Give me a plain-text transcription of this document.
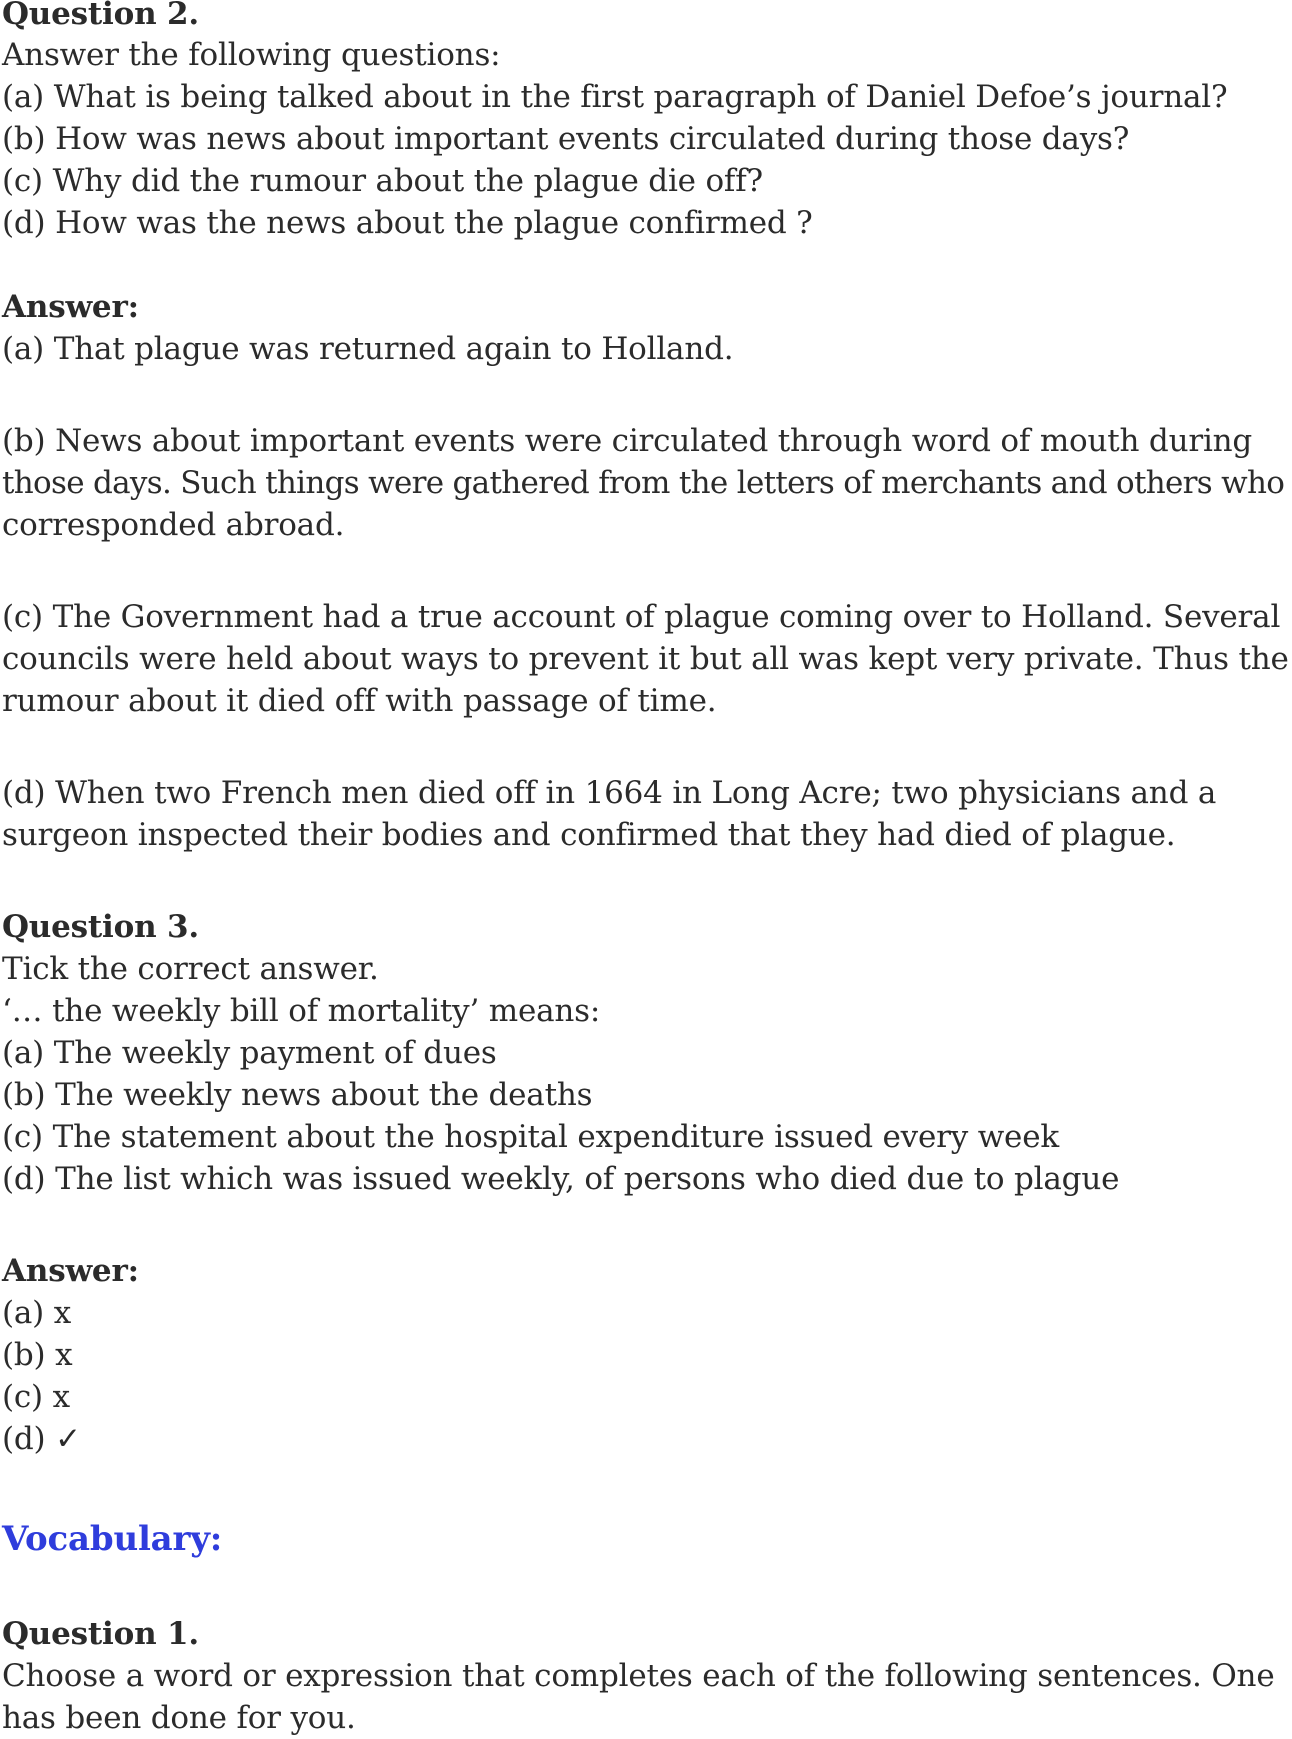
Question 2.

Answer the following questions:

(a) What is being talked about in the first paragraph of Daniel Defoe’s journal?

(b) How was news about important events circulated during those days?

(c) Why did the rumour about the plague die off?

(d) How was the news about the plague confirmed ?

Answer:

(a) That plague was returned again to Holland.

(b) News about important events were circulated through word of mouth during

those days. Such things were gathered from the letters of merchants and others who

corresponded abroad.

(c) The Government had a true account of plague coming over to Holland. Several

councils were held about ways to prevent it but all was kept very private. Thus the

rumour about it died off with passage of time.

(d) When two French men died off in 1664 in Long Acre; two physicians and a

surgeon inspected their bodies and confirmed that they had died of plague.

Question 3.

Tick the correct answer.

‘… the weekly bill of mortality’ means:

(a) The weekly payment of dues

(b) The weekly news about the deaths

(c) The statement about the hospital expenditure issued every week

(d) The list which was issued weekly, of persons who died due to plague

Answer:

(a) x

(b) x

(c) x

(d) ✓

Vocabulary:

Question 1.

Choose a word or expression that completes each of the following sentences. One

has been done for you.
